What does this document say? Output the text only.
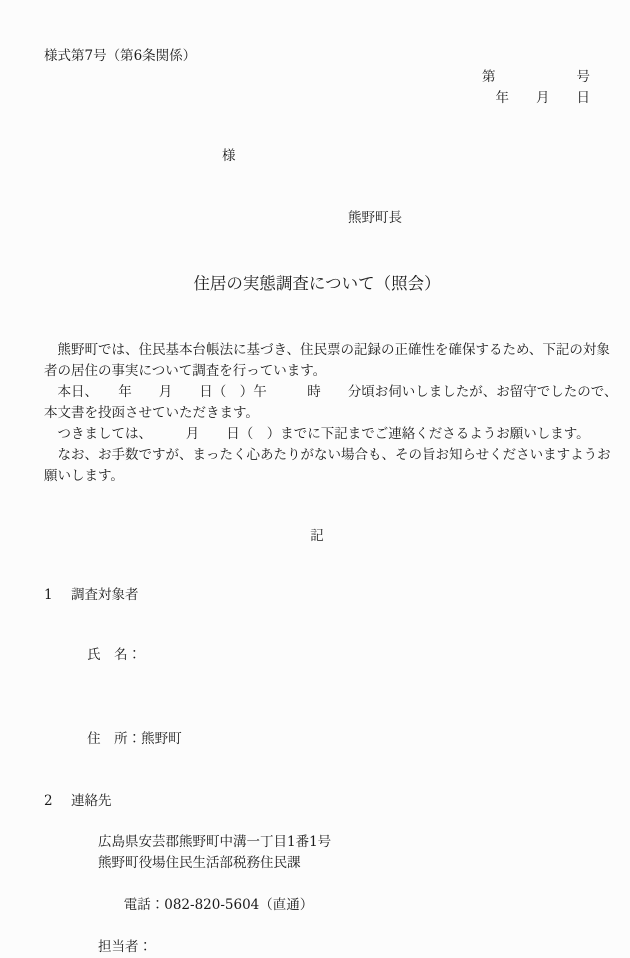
様式第7号（第6条関係）
第　　　　　　号
年　　月　　日
様
熊野町長
住居の実態調査について（照会）
　熊野町では、住民基本台帳法に基づき、住民票の記録の正確性を確保するため、下記の対象
者の居住の事実について調査を行っています。
　本日、　　年　　月　　日（　）午　　　時　　分頃お伺いしましたが、お留守でしたので、
本文書を投函させていただきます。
　つきましては、　　　月　　日（　）までに下記までご連絡くださるようお願いします。
　なお、お手数ですが、まったく心あたりがない場合も、その旨お知らせくださいますようお
願いします。
記
1 調査対象者

氏　名：

住　所：熊野町

2 連絡先
広島県安芸郡熊野町中溝一丁目1番1号
熊野町役場住民生活部税務住民課

電話：082-820-5604（直通）

担当者：
